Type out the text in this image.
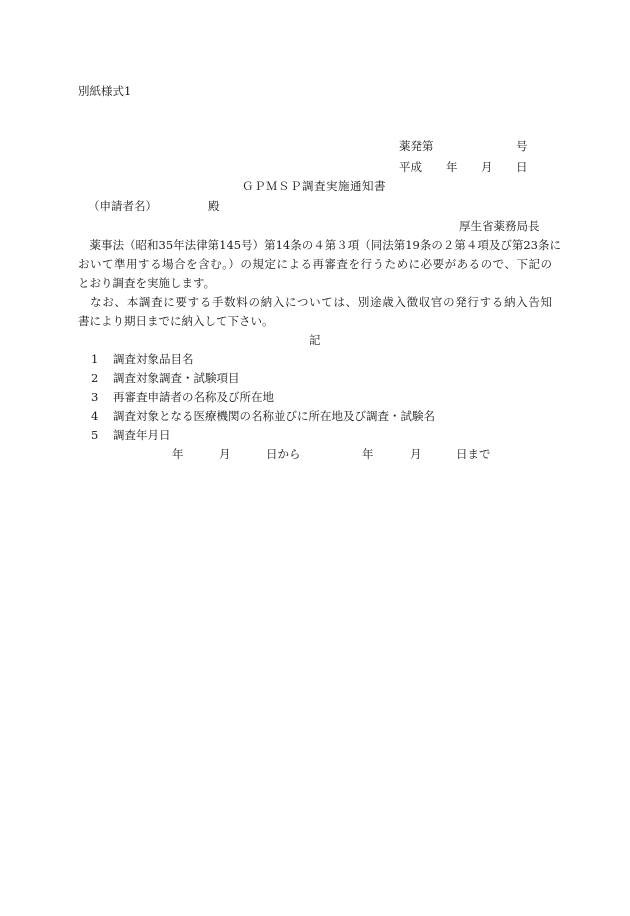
別紙様式1
薬発第	号
平成 年 月 日
ＧＰＭＳＰ調査実施通知書
（申請者名）	殿
厚生省薬務局長
　薬事法（昭和35年法律第145号）第14条の４第３項（同法第19条の２第４項及び第23条に
おいて準用する場合を含む。）の規定による再審査を行うために必要があるので、下記の
とおり調査を実施します。
　なお、本調査に要する手数料の納入については、別途歳入徴収官の発行する納入告知
書により期日までに納入して下さい。
記
1 調査対象品目名
2 調査対象調査・試験項目
3 再審査申請者の名称及び所在地
4 調査対象となる医療機関の名称並びに所在地及び調査・試験名
5 調査年月日
年	月	日から	年	月	日まで
